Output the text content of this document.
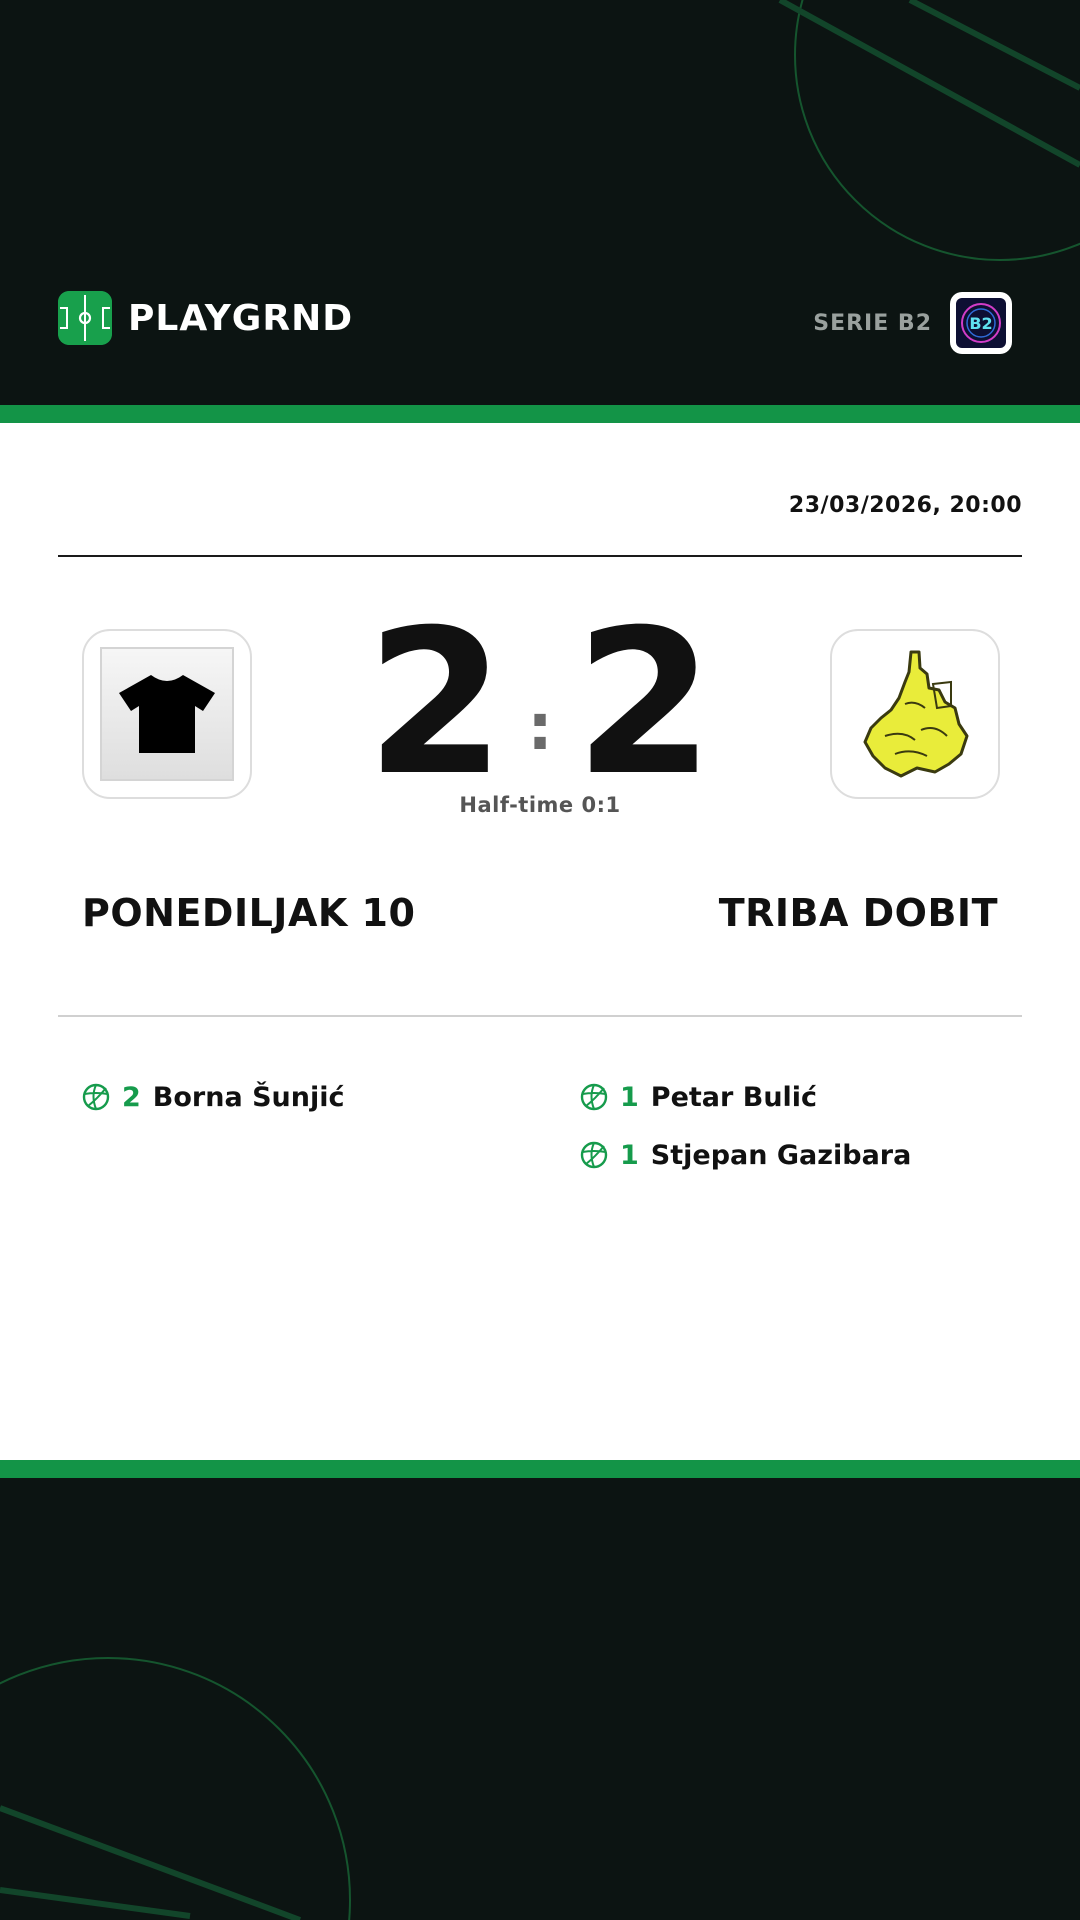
PLAYGRND	SERIE B2 B2
23/03/2026, 20:00
2 : 2
Half-time 0:1
PONEDILJAK 10	TRIBA DOBIT
2 Borna Šunjić	1 Petar Bulić
1 Stjepan Gazibara
